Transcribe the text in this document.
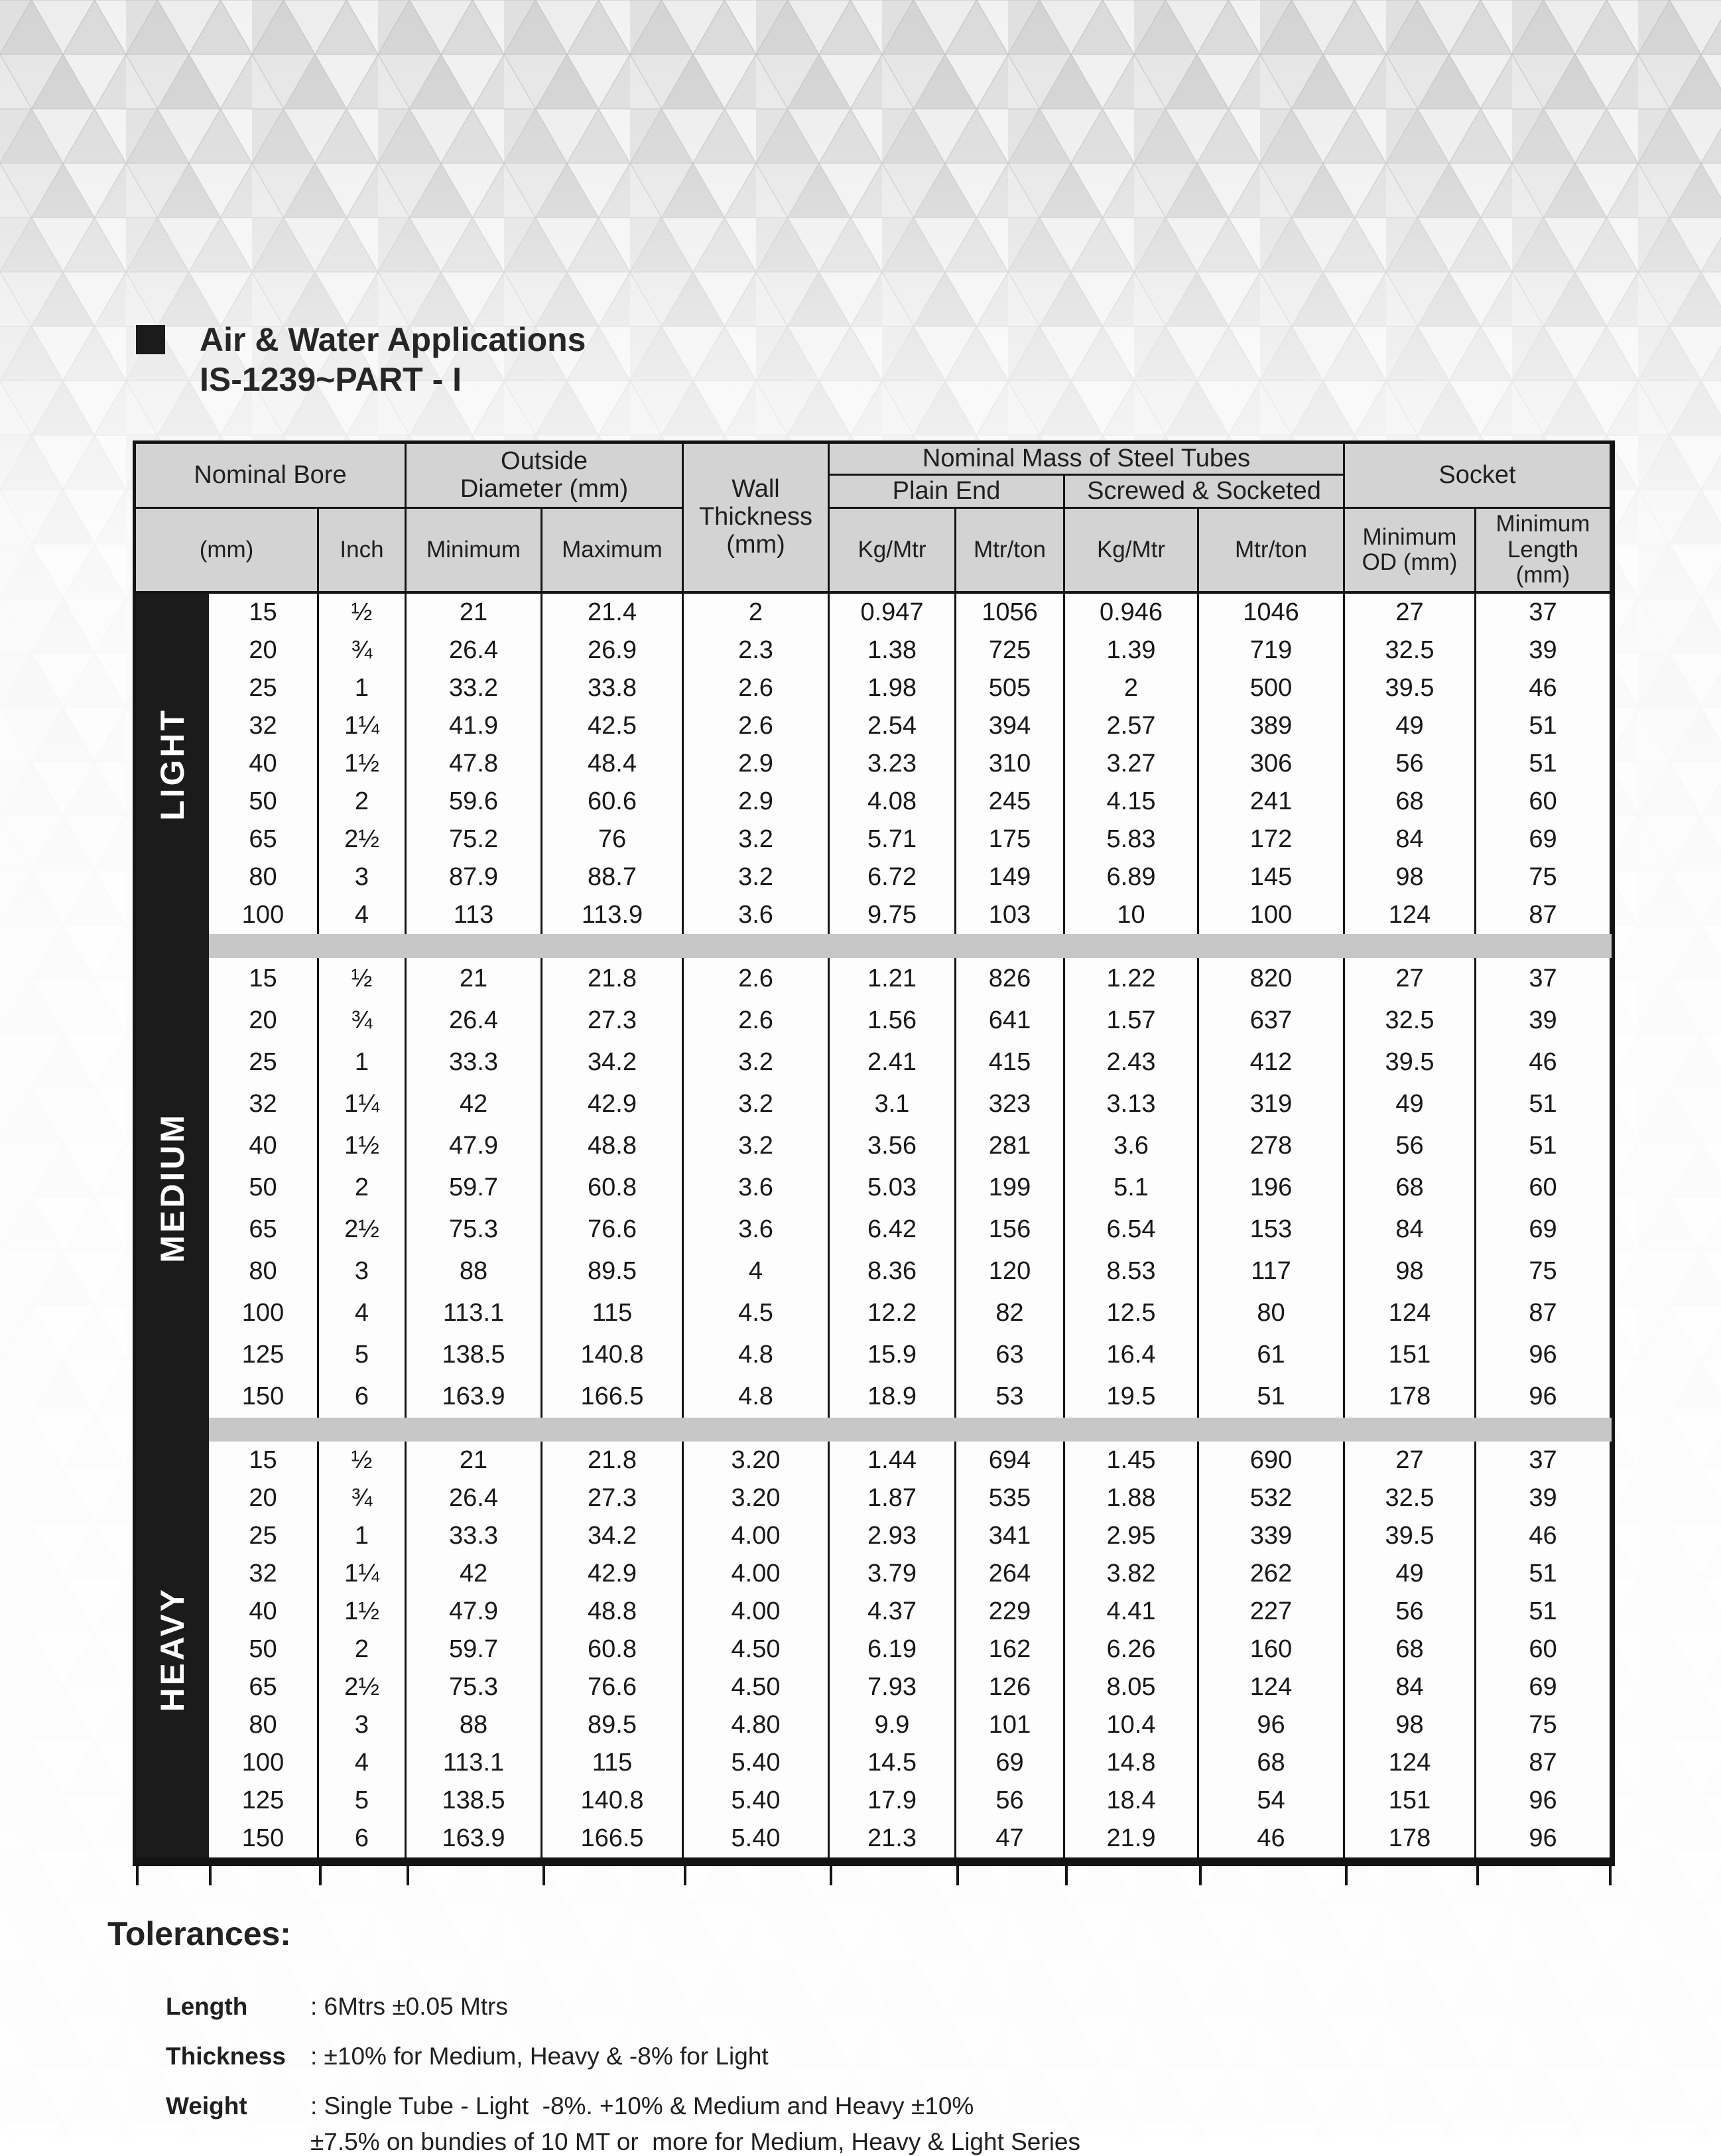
Air & Water Applications
IS-1239~PART - I
Nominal Bore
(mm)	Inch
Outside Diameter (mm)
Minimum	Maximum
Wall Thickness (mm)
Nominal Mass of Steel Tubes
Plain End	Screwed & Socketed
Kg/Mtr	Mtr/ton	Kg/Mtr	Mtr/ton
Socket
Minimum OD (mm)
Minimum Length (mm)
LIGHT
MEDIUM
HEAVY
15	½	21	21.4	2	0.947	1056	0.946	1046	27	37
20	¾	26.4	26.9	2.3	1.38	725	1.39	719	32.5	39
25	1	33.2	33.8	2.6	1.98	505	2	500	39.5	46
32	1¼	41.9	42.5	2.6	2.54	394	2.57	389	49	51
40	1½	47.8	48.4	2.9	3.23	310	3.27	306	56	51
50	2	59.6	60.6	2.9	4.08	245	4.15	241	68	60
65	2½	75.2	76	3.2	5.71	175	5.83	172	84	69
80	3	87.9	88.7	3.2	6.72	149	6.89	145	98	75
100	4	113	113.9	3.6	9.75	103	10	100	124	87
15	½	21	21.8	2.6	1.21	826	1.22	820	27	37
20	¾	26.4	27.3	2.6	1.56	641	1.57	637	32.5	39
25	1	33.3	34.2	3.2	2.41	415	2.43	412	39.5	46
32	1¼	42	42.9	3.2	3.1	323	3.13	319	49	51
40	1½	47.9	48.8	3.2	3.56	281	3.6	278	56	51
50	2	59.7	60.8	3.6	5.03	199	5.1	196	68	60
65	2½	75.3	76.6	3.6	6.42	156	6.54	153	84	69
80	3	88	89.5	4	8.36	120	8.53	117	98	75
100	4	113.1	115	4.5	12.2	82	12.5	80	124	87
125	5	138.5	140.8	4.8	15.9	63	16.4	61	151	96
150	6	163.9	166.5	4.8	18.9	53	19.5	51	178	96
15	½	21	21.8	3.20	1.44	694	1.45	690	27	37
20	¾	26.4	27.3	3.20	1.87	535	1.88	532	32.5	39
25	1	33.3	34.2	4.00	2.93	341	2.95	339	39.5	46
32	1¼	42	42.9	4.00	3.79	264	3.82	262	49	51
40	1½	47.9	48.8	4.00	4.37	229	4.41	227	56	51
50	2	59.7	60.8	4.50	6.19	162	6.26	160	68	60
65	2½	75.3	76.6	4.50	7.93	126	8.05	124	84	69
80	3	88	89.5	4.80	9.9	101	10.4	96	98	75
100	4	113.1	115	5.40	14.5	69	14.8	68	124	87
125	5	138.5	140.8	5.40	17.9	56	18.4	54	151	96
150	6	163.9	166.5	5.40	21.3	47	21.9	46	178	96
Tolerances:
Length	: 6Mtrs ±0.05 Mtrs
Thickness	: ±10% for Medium, Heavy & -8% for Light
Weight	: Single Tube - Light  -8%. +10% & Medium and Heavy ±10%
±7.5% on bundies of 10 MT or  more for Medium, Heavy & Light Series
